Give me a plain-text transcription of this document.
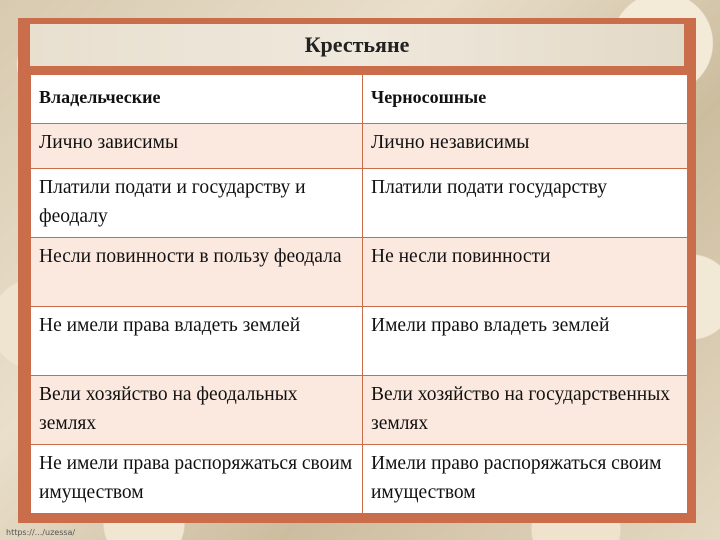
Крестьяне
Владельческие	Черносошные
Лично зависимы	Лично независимы
Платили подати и государству и феодалу	Платили подати государству
Несли повинности в пользу феодала	Не несли повинности
Не имели права владеть землей	Имели право владеть землей
Вели хозяйство на феодальных землях	Вели хозяйство на государственных землях
Не имели права распоряжаться своим имуществом	Имели право распоряжаться своим имуществом
https://.../uzessa/
